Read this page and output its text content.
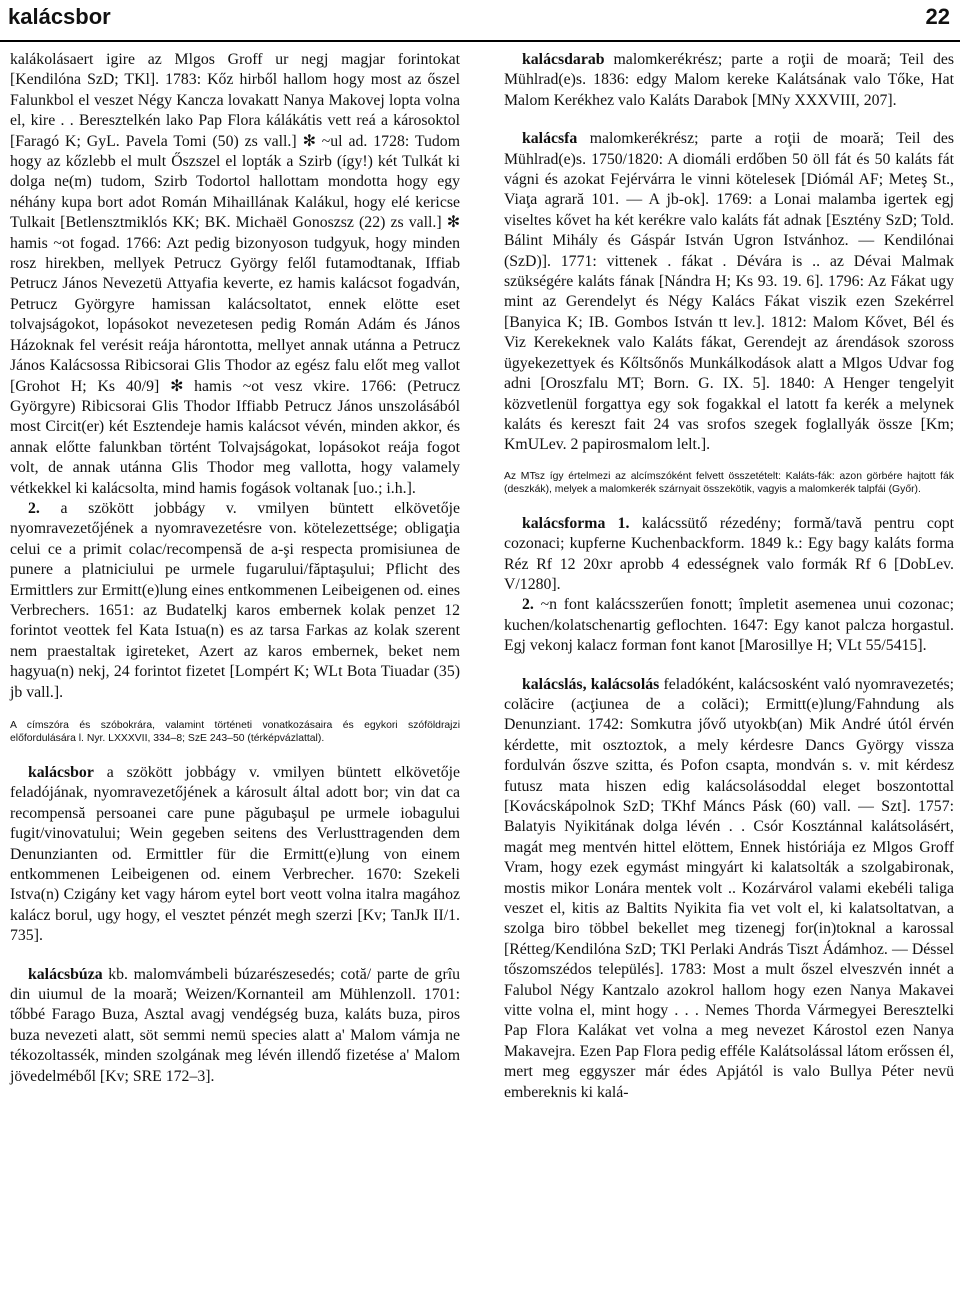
kalácsbor	22

kalákolásaert igire az Mlgos Groff ur negj magjar forintokat [Kendilóna SzD; TKl]. 1783: Kőz hirből hallom hogy most az őszel Falunkbol el veszet Négy Kancza lovakatt Nanya Makovej lopta volna el, kire . . Beresztelkén lako Pap Flora kálákátis vett reá a károsoktol [Faragó K; GyL. Pavela Tomi (50) zs vall.] ✻ ~ul ad. 1728: Tudom hogy az kőzlebb el mult Őszszel el lopták a Szirb (így!) két Tulkát ki dolga ne(m) tudom, Szirb Todortol hallottam mondotta hogy egy néhány kupa bort adot Román Mihaillának Kalákul, hogy elé kericse Tulkait [Betlensztmiklós KK; BK. Michaël Gonoszsz (22) zs vall.] ✻ hamis ~ot fogad. 1766: Azt pedig bizonyoson tudgyuk, hogy minden rosz hirekben, mellyek Petrucz György felől futamodtanak, Iffiab Petrucz János Nevezetü Attyafia keverte, ez hamis kalácsot fogadván, Petrucz Györgyre hamissan kalácsoltatot, ennek elötte eset tolvajságokot, lopásokot nevezetesen pedig Román Adám és János Házoknak fel verésit reája hárontotta, mellyet annak utánna a Petrucz János Kalácsossa Ribicsorai Glis Thodor az egész falu előt meg vallot [Grohot H; Ks 40/9] ✻ hamis ~ot vesz vkire. 1766: (Petrucz Györgyre) Ribicsorai Glis Thodor Iffiabb Petrucz János unszolásából most Circit(er) két Esztendeje hamis kalácsot vévén, minden akkor, és annak előtte falunkban történt Tolvajságokat, lopásokot reája fogot volt, de annak utánna Glis Thodor meg vallotta, hogy valamely vétkekkel ki kalácsolta, mind hamis fogások voltanak [uo.; i.h.].

2. a szökött jobbágy v. vmilyen büntett elkövetője nyomravezetőjének a nyomravezetésre von. kötelezettsége; obligaţia celui ce a primit colac/recompensă de a-şi respecta promisiunea de punere a platniciului pe urmele fugarului/făptaşului; Pflicht des Ermittlers zur Ermitt(e)lung eines entkommenen Leibeigenen od. eines Verbrechers. 1651: az Budatelkj karos embernek kolak penzet 12 forintot veottek fel Kata Istua(n) es az tarsa Farkas az kolak szerent nem praestaltak igireteket, Azert az karos embernek, beket nem hagyua(n) nekj, 24 forintot fizetet [Lompért K; WLt Bota Tiuadar (35) jb vall.].

A címszóra és szóbokrára, valamint történeti vonatkozásaira és egykori szóföldrajzi előfordulására l. Nyr. LXXXVII, 334–8; SzE 243–50 (térképvázlattal).

kalácsbor a szökött jobbágy v. vmilyen büntett elkövetője feladójának, nyomravezetőjének a károsult által adott bor; vin dat ca recompensă persoanei care pune păgubaşul pe urmele iobagului fugit/vinovatului; Wein gegeben seitens des Verlusttragenden dem Denunzianten od. Ermittler für die Ermitt(e)lung von einem entkommenen Leibeigenen od. einem Verbrecher. 1670: Szekeli Istva(n) Czigány ket vagy három eytel bort veott volna italra magához kalácz borul, ugy hogy, el vesztet pénzét megh szerzi [Kv; TanJk II/1. 735].

kalácsbúza kb. malomvámbeli búzarészesedés; cotă/ parte de grîu din uiumul de la moară; Weizen/Kornanteil am Mühlenzoll. 1701: tőbbé Farago Buza, Asztal avagj vendégség buza, kaláts buza, piros buza nevezeti alatt, söt semmi nemü species alatt a' Malom vámja ne tékozoltassék, minden szolgának meg lévén illendő fizetése a' Malom jövedelméből [Kv; SRE 172–3].

kalácsdarab malomkerékrész; parte a roţii de moară; Teil des Mühlrad(e)s. 1836: edgy Malom kereke Kalátsának valo Tőke, Hat Malom Kerékhez valo Kaláts Darabok [MNy XXXVIII, 207].

kalácsfa malomkerékrész; parte a roţii de moară; Teil des Mühlrad(e)s. 1750/1820: A diomáli erdőben 50 öll fát és 50 kaláts fát vágni és azokat Fejérvárra le vinni kötelesek [Diómál AF; Meteş St., Viaţa agrară 101. — A jb-ok]. 1769: a Lonai malamba igertek egj viseltes kővet ha két kerékre valo kaláts fát adnak [Esztény SzD; Told. Bálint Mihály és Gáspár István Ugron Istvánhoz. — Kendilónai (SzD)]. 1771: vittenek . fákat . Dévára is .. az Dévai Malmak szükségére kaláts fának [Nándra H; Ks 93. 19. 6]. 1796: Az Fákat ugy mint az Gerendelyt és Négy Kalács Fákat viszik ezen Szekérrel [Banyica K; IB. Gombos István tt lev.]. 1812: Malom Kővet, Bél és Viz Kerekeknek valo Kaláts fákat, Gerendejt az árendások szoross ügyekezettyek és Kőltsőnős Munkálkodások alatt a Mlgos Udvar fog adni [Oroszfalu MT; Born. G. IX. 5]. 1840: A Henger tengelyit közvetlenül forgattya egy sok fogakkal el latott fa kerék a melynek kaláts és kereszt fait 24 vas srofos szegek foglallyák össze [Km; KmULev. 2 papirosmalom lelt.].

Az MTsz így értelmezi az alcímszóként felvett összetételt: Kaláts-fák: azon görbére hajtott fák (deszkák), melyek a malomkerék szárnyait összekötik, vagyis a malomkerék talpfái (Győr).

kalácsforma 1. kalácssütő rézedény; formă/tavă pentru copt cozonaci; kupferne Kuchenbackform. 1849 k.: Egy bagy kaláts forma Réz Rf 12 20xr aprobb 4 edességnek valo formák Rf 6 [DobLev. V/1280].

2. ~n font kalácsszerűen fonott; împletit asemenea unui cozonac; kuchen/kolatschenartig geflochten. 1647: Egy kanot palcza horgastul. Egj vekonj kalacz forman font kanot [Marosillye H; VLt 55/5415].

kalácslás, kalácsolás feladóként, kalácsosként való nyomravezetés; colăcire (acţiunea de a colăci); Ermitt(e)lung/Fahndung als Denunziant. 1742: Somkutra jővő utyokb(an) Mik André útól érvén kérdette, mit osztoztok, a mely kérdesre Dancs György vissza fordulván őszve szitta, és Pofon csapta, mondván s. v. mit kérdesz futusz mata hiszen edig kalácsolásoddal eleget boszontottal [Kovácskápolnok SzD; TKhf Máncs Pásk (60) vall. — Szt]. 1757: Balatyis Nyikitának dolga lévén . . Csór Kosztánnal kalátsolásért, magát meg mentvén hittel elöttem, Ennek históriája ez Mlgos Groff Vram, hogy ezek egymást mingyárt ki kalatsolták a szolgabironak, mostis mikor Lonára mentek volt .. Kozárvárol valami ekebéli taliga veszet el, kitis az Baltits Nyikita fia vet volt el, ki kalatsoltatvan, a szolga biro többel bekellet meg tizenegj for(in)toknal a karossal [Rétteg/Kendilóna SzD; TKl Perlaki András Tiszt Ádámhoz. — Déssel tőszomszédos település]. 1783: Most a mult őszel elveszvén innét a Falubol Négy Kantzalo azokrol hallom hogy ezen Nanya Makavei vitte volna el, mint hogy . . . Nemes Thorda Vármegyei Beresztelki Pap Flora Kalákat vet volna a meg nevezet Károstol ezen Nanya Makavejra. Ezen Pap Flora pedig efféle Kalátsolással látom erőssen él, mert meg eggyszer már édes Apjától is valo Bullya Péter nevü embereknis ki kalá-
